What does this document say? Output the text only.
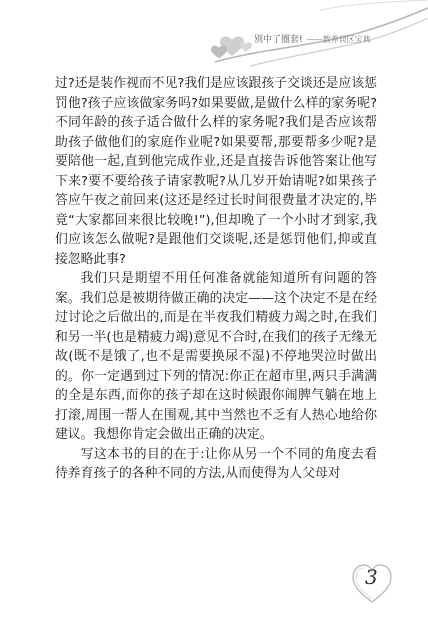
别中了圈套! ——教养误区宝典

过?还是装作视而不见?我们是应该跟孩子交谈还是应该惩罚他?孩子应该做家务吗?如果要做,是做什么样的家务呢?不同年龄的孩子适合做什么样的家务呢?我们是否应该帮助孩子做他们的家庭作业呢?如果要帮,那要帮多少呢?是要陪他一起,直到他完成作业,还是直接告诉他答案让他写下来?要不要给孩子请家教呢?从几岁开始请呢?如果孩子答应午夜之前回来(这还是经过长时间很费量才决定的,毕竟“大家都回来很比较晚!”),但却晚了一个小时才到家,我们应该怎么做呢?是跟他们交谈呢,还是惩罚他们,抑或直接忽略此事?

我们只是期望不用任何准备就能知道所有问题的答案。我们总是被期待做正确的决定——这个决定不是在经过讨论之后做出的,而是在半夜我们精疲力竭之时,在我们和另一半(也是精疲力竭)意见不合时,在我们的孩子无缘无故(既不是饿了,也不是需要换尿不湿)不停地哭泣时做出的。你一定遇到过下列的情况:你正在超市里,两只手满满的全是东西,而你的孩子却在这时候跟你闹脾气躺在地上打滚,周围一帮人在围观,其中当然也不乏有人热心地给你建议。我想你肯定会做出正确的决定。

写这本书的目的在于:让你从另一个不同的角度去看待养育孩子的各种不同的方法,从而使得为人父母对

3
